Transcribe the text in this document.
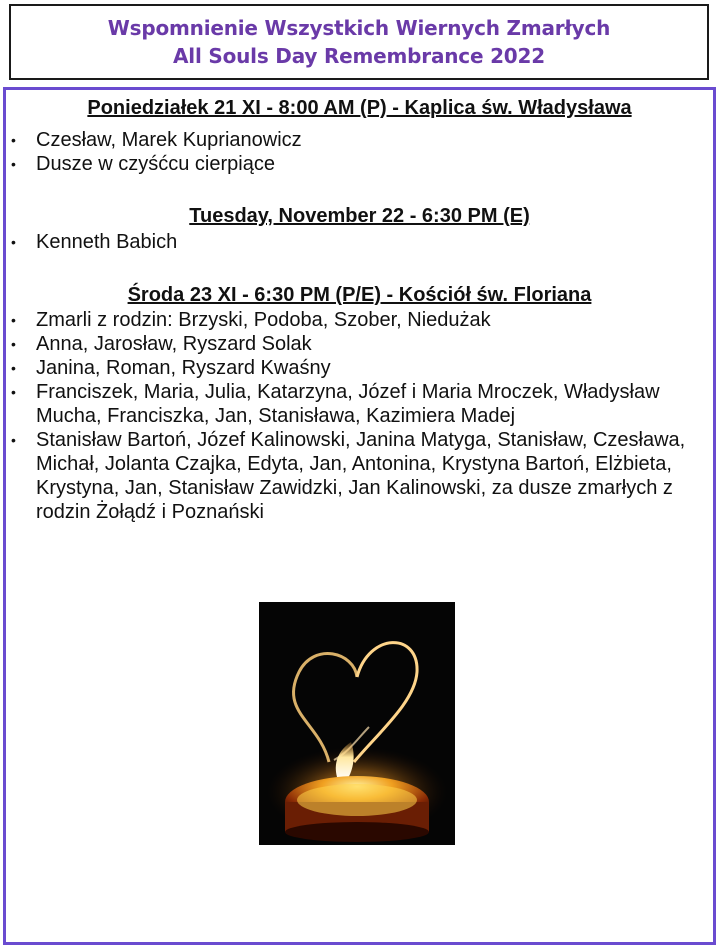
Wspomnienie Wszystkich Wiernych Zmarłych
All Souls Day Remembrance 2022

Poniedziałek 21 XI - 8:00 AM (P) - Kaplica św. Władysława

• Czesław, Marek Kuprianowicz
• Dusze w czyśćcu cierpiące

Tuesday, November 22 - 6:30 PM (E)

• Kenneth Babich

Środa 23 XI - 6:30 PM (P/E) - Kościół św. Floriana

• Zmarli z rodzin: Brzyski, Podoba, Szober, Niedużak
• Anna, Jarosław, Ryszard Solak
• Janina, Roman, Ryszard Kwaśny
• Franciszek, Maria, Julia, Katarzyna, Józef i Maria Mroczek, Władysław Mucha, Franciszka, Jan, Stanisława, Kazimiera Madej
• Stanisław Bartoń, Józef Kalinowski, Janina Matyga, Stanisław, Czesława, Michał, Jolanta Czajka, Edyta, Jan, Antonina, Krystyna Bartoń, Elżbieta, Krystyna, Jan, Stanisław Zawidzki, Jan Kalinowski, za dusze zmarłych z rodzin Żołądź i Poznański
